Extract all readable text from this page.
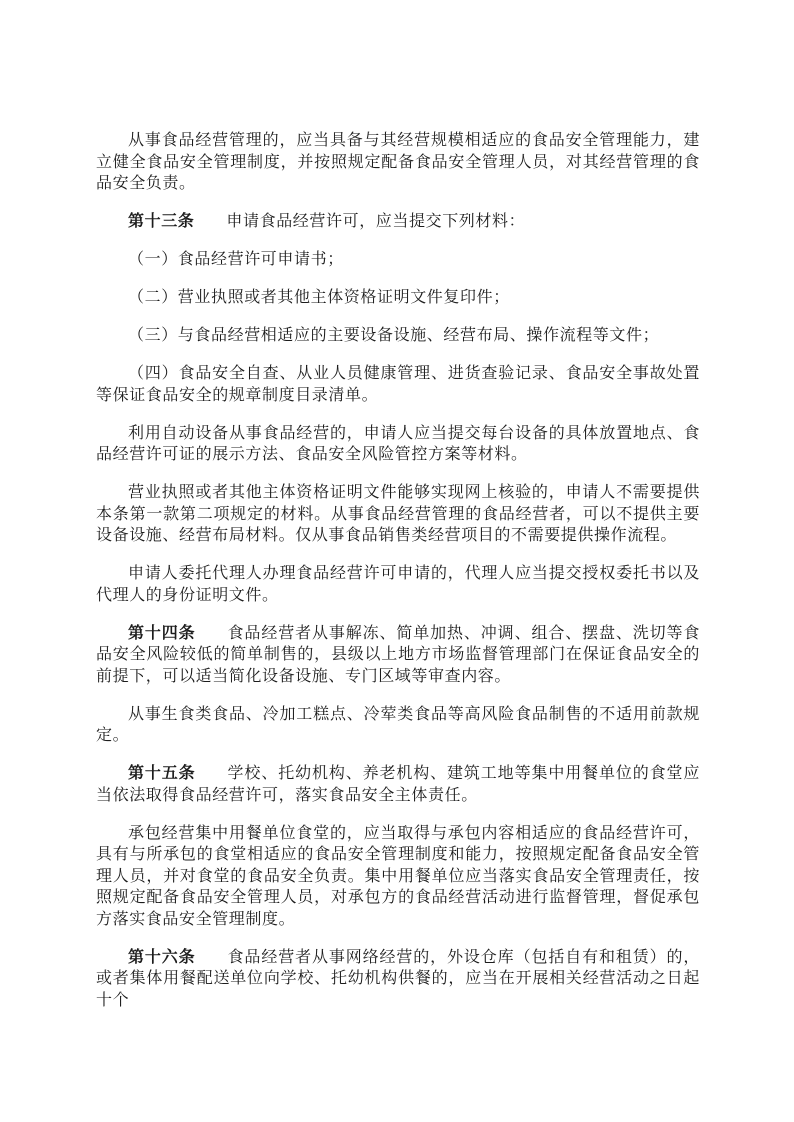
从事食品经营管理的，应当具备与其经营规模相适应的食品安全管理能力，建立健全食品安全管理制度，并按照规定配备食品安全管理人员，对其经营管理的食品安全负责。

第十三条 申请食品经营许可，应当提交下列材料：

（一）食品经营许可申请书；

（二）营业执照或者其他主体资格证明文件复印件；

（三）与食品经营相适应的主要设备设施、经营布局、操作流程等文件；

（四）食品安全自查、从业人员健康管理、进货查验记录、食品安全事故处置等保证食品安全的规章制度目录清单。

利用自动设备从事食品经营的，申请人应当提交每台设备的具体放置地点、食品经营许可证的展示方法、食品安全风险管控方案等材料。

营业执照或者其他主体资格证明文件能够实现网上核验的，申请人不需要提供本条第一款第二项规定的材料。从事食品经营管理的食品经营者，可以不提供主要设备设施、经营布局材料。仅从事食品销售类经营项目的不需要提供操作流程。

申请人委托代理人办理食品经营许可申请的，代理人应当提交授权委托书以及代理人的身份证明文件。

第十四条 食品经营者从事解冻、简单加热、冲调、组合、摆盘、洗切等食品安全风险较低的简单制售的，县级以上地方市场监督管理部门在保证食品安全的前提下，可以适当简化设备设施、专门区域等审查内容。

从事生食类食品、冷加工糕点、冷荤类食品等高风险食品制售的不适用前款规定。

第十五条 学校、托幼机构、养老机构、建筑工地等集中用餐单位的食堂应当依法取得食品经营许可，落实食品安全主体责任。

承包经营集中用餐单位食堂的，应当取得与承包内容相适应的食品经营许可，具有与所承包的食堂相适应的食品安全管理制度和能力，按照规定配备食品安全管理人员，并对食堂的食品安全负责。集中用餐单位应当落实食品安全管理责任，按照规定配备食品安全管理人员，对承包方的食品经营活动进行监督管理，督促承包方落实食品安全管理制度。

第十六条 食品经营者从事网络经营的，外设仓库（包括自有和租赁）的，或者集体用餐配送单位向学校、托幼机构供餐的，应当在开展相关经营活动之日起十个
